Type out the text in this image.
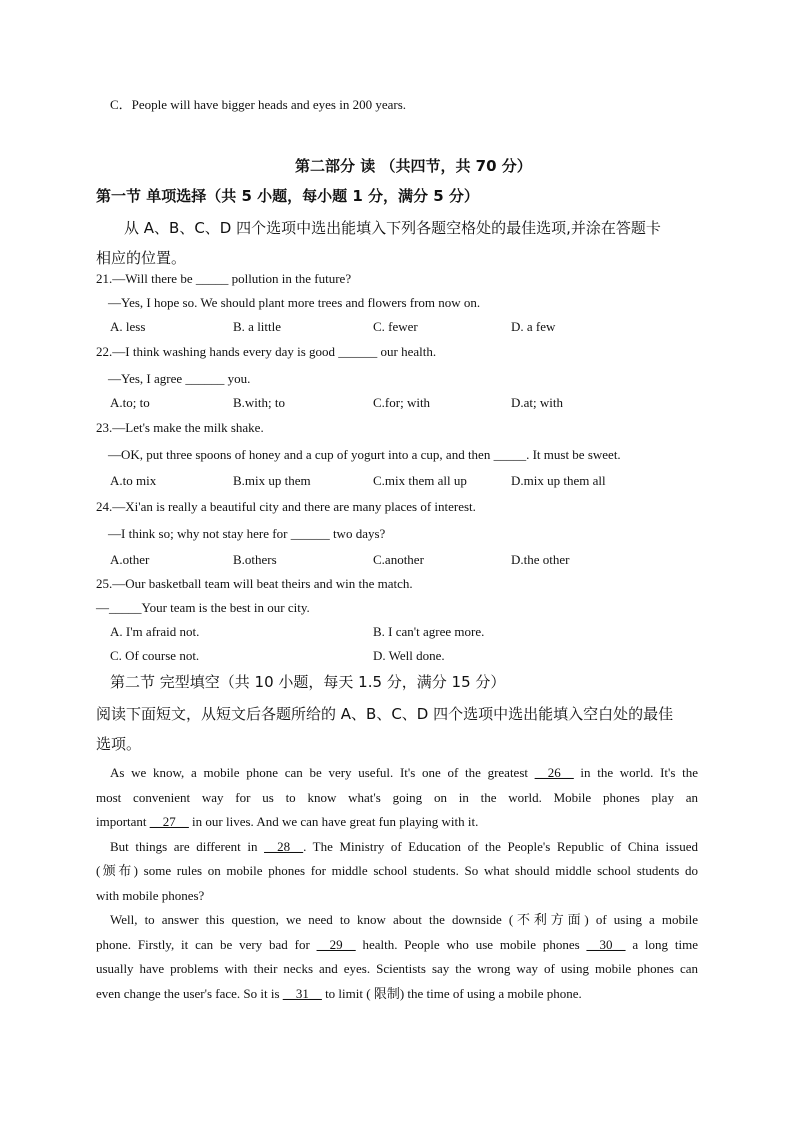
C．People will have bigger heads and eyes in 200 years.
第二部分 读 （共四节，共 70 分）
第一节 单项选择（共 5 小题，每小题 1 分，满分 5 分）
从 A、B、C、D 四个选项中选出能填入下列各题空格处的最佳选项,并涂在答题卡
相应的位置。
21.—Will there be _____ pollution in the future?
—Yes, I hope so. We should plant more trees and flowers from now on.
A. less	B. a little	C. fewer	D. a few
22.—I think washing hands every day is good ______ our health.
—Yes, I agree ______ you.
A.to; to	B.with; to	C.for; with	D.at; with
23.—Let's make the milk shake.
—OK, put three spoons of honey and a cup of yogurt into a cup, and then _____. It must be sweet.
A.to mix	B.mix up them	C.mix them all up	D.mix up them all
24.—Xi'an is really a beautiful city and there are many places of interest.
—I think so; why not stay here for ______ two days?
A.other	B.others	C.another	D.the other
25.—Our basketball team will beat theirs and win the match.
—_____Your team is the best in our city.
A. I'm afraid not.	B. I can't agree more.
C. Of course not.	D. Well done.
第二节 完型填空（共 10 小题，每天 1.5 分，满分 15 分）
阅读下面短文，从短文后各题所给的 A、B、C、D 四个选项中选出能填入空白处的最佳
选项。
As we know, a mobile phone can be very useful. It's one of the greatest __26__ in the world. It's the
most convenient way for us to know what's going on in the world. Mobile phones play an
important __27__ in our lives. And we can have great fun playing with it.
But things are different in __28__. The Ministry of Education of the People's Republic of China issued
(颁布) some rules on mobile phones for middle school students. So what should middle school students do
with mobile phones?
Well, to answer this question, we need to know about the downside (不利方面) of using a mobile
phone. Firstly, it can be very bad for __29__ health. People who use mobile phones __30__ a long time
usually have problems with their necks and eyes. Scientists say the wrong way of using mobile phones can
even change the user's face. So it is __31__ to limit ( 限制) the time of using a mobile phone.
